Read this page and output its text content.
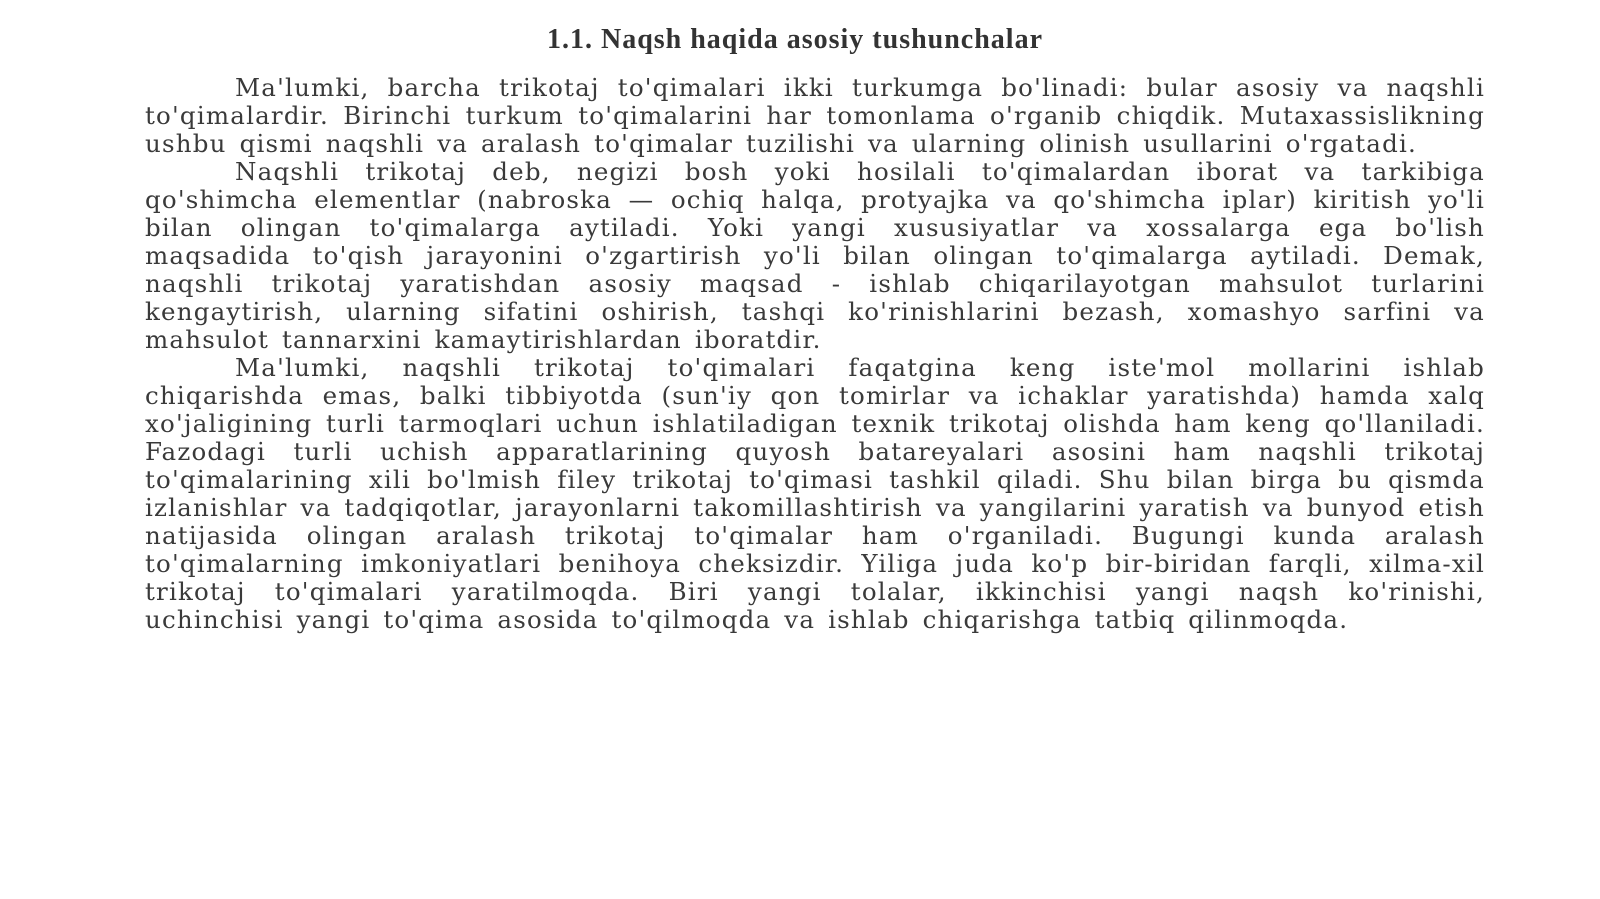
1.1. Naqsh haqida asosiy tushunchalar

Ma'lumki, barcha trikotaj to'qimalari ikki turkumga bo'linadi: bular asosiy va naqshli to'qimalardir. Birinchi turkum to'qimalarini har tomonlama o'rganib chiqdik. Mutaxassislikning ushbu qismi naqshli va aralash to'qimalar tuzilishi va ularning olinish usullarini o'rgatadi.

Naqshli trikotaj deb, negizi bosh yoki hosilali to'qimalardan iborat va tarkibiga qo'shimcha elementlar (nabroska — ochiq halqa, protyajka va qo'shimcha iplar) kiritish yo'li bilan olingan to'qimalarga aytiladi. Yoki yangi xususiyatlar va xossalarga ega bo'lish maqsadida to'qish jarayonini o'zgartirish yo'li bilan olingan to'qimalarga aytiladi. Demak, naqshli trikotaj yaratishdan asosiy maqsad - ishlab chiqarilayotgan mahsulot turlarini kengaytirish, ularning sifatini oshirish, tashqi ko'rinishlarini bezash, xomashyo sarfini va mahsulot tannarxini kamaytirishlardan iboratdir.

Ma'lumki, naqshli trikotaj to'qimalari faqatgina keng iste'mol mollarini ishlab chiqarishda emas, balki tibbiyotda (sun'iy qon tomirlar va ichaklar yaratishda) hamda xalq xo'jaligining turli tarmoqlari uchun ishlatiladigan texnik trikotaj olishda ham keng qo'llaniladi. Fazodagi turli uchish apparatlarining quyosh batareyalari asosini ham naqshli trikotaj to'qimalarining xili bo'lmish filey trikotaj to'qimasi tashkil qiladi. Shu bilan birga bu qismda izlanishlar va tadqiqotlar, jarayonlarni takomillashtirish va yangilarini yaratish va bunyod etish natijasida olingan aralash trikotaj to'qimalar ham o'rganiladi. Bugungi kunda aralash to'qimalarning imkoniyatlari benihoya cheksizdir. Yiliga juda ko'p bir-biridan farqli, xilma-xil trikotaj to'qimalari yaratilmoqda. Biri yangi tolalar, ikkinchisi yangi naqsh ko'rinishi, uchinchisi yangi to'qima asosida to'qilmoqda va ishlab chiqarishga tatbiq qilinmoqda.
